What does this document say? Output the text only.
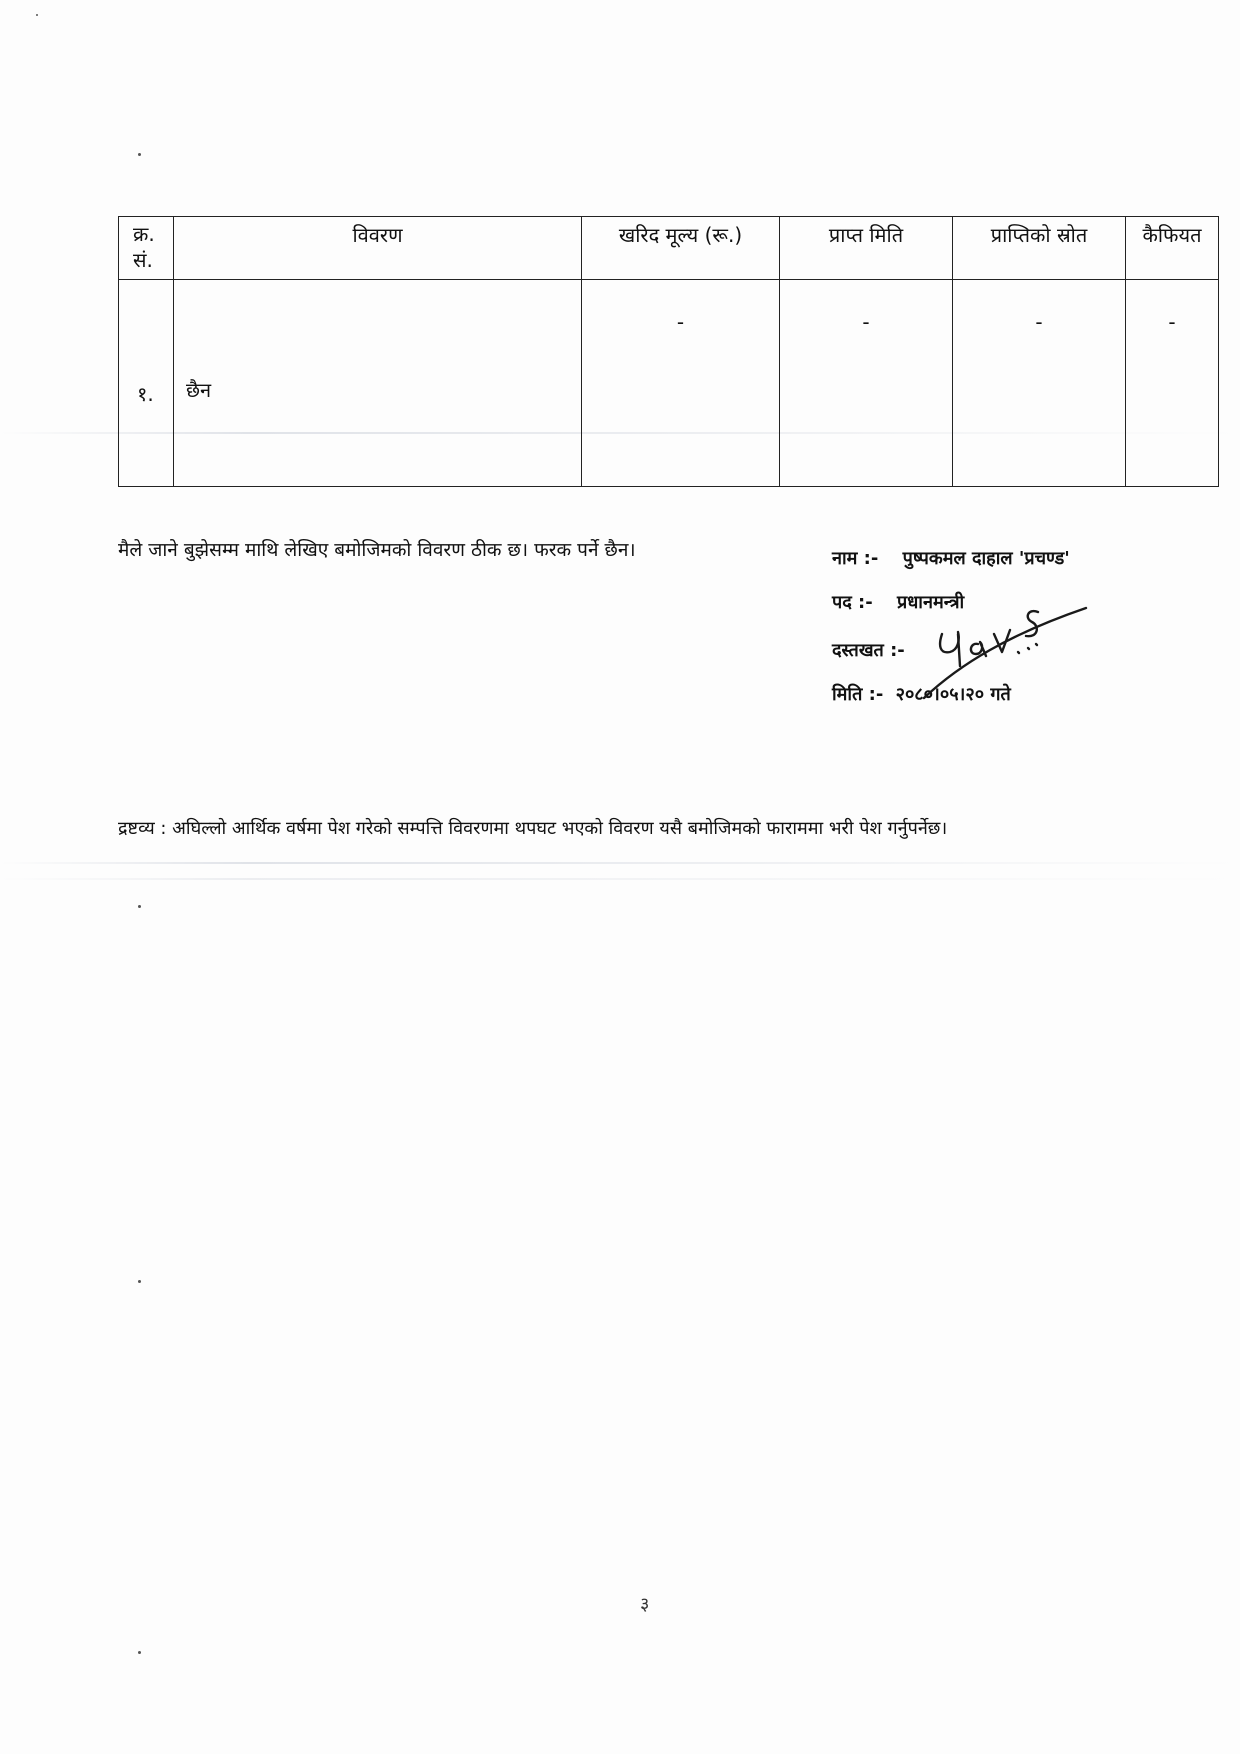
क्र. सं.	विवरण	खरिद मूल्य (रू.)	प्राप्त मिति	प्राप्तिको स्रोत	कैफियत

१.	छैन	-	-	-	-
मैले जाने बुझेसम्म माथि लेखिए बमोजिमको विवरण ठीक छ। फरक पर्ने छैन।	नाम :- पुष्पकमल दाहाल 'प्रचण्ड'
पद :- प्रधानमन्त्री
दस्तखत :-
मिति :- २०८०।०५।२० गते
द्रष्टव्य : अघिल्लो आर्थिक वर्षमा पेश गरेको सम्पत्ति विवरणमा थपघट भएको विवरण यसै बमोजिमको फाराममा भरी पेश गर्नुपर्नेछ।
३
